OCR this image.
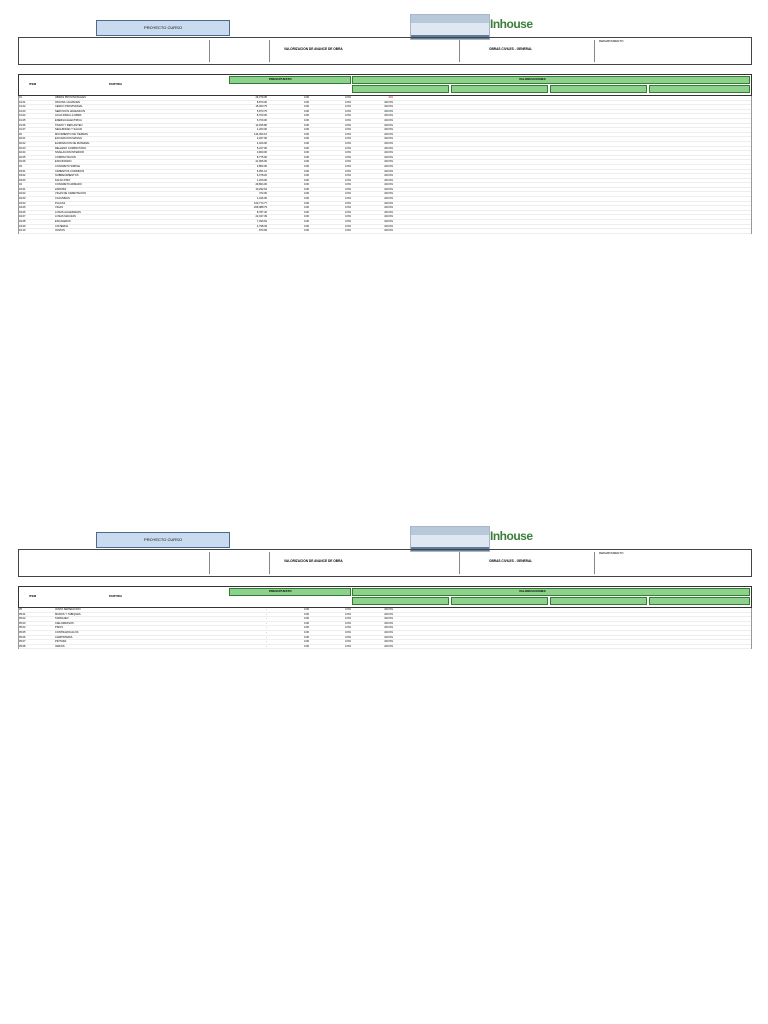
PROYECTO CURSO	Inhouse
VALORIZACION DE AVANCE DE OBRA	OBRAS CIVILES - GENERAL
DEPARTAMENTO
ITEM	PARTIDA
PRESUPUESTO	VALORIZACIONES
01	OBRAS PROVISIONALES	26,379.05	0.00	0.0%	-984
01.01	OFICINA / ALMACEN	8,870.00	0.00	0.0%	100.0%
01.02	CERCO PROVISIONAL	15,063.75	0.00	0.0%	100.0%
01.03	SERVICIOS HIGIENICOS	5,873.75	0.00	0.0%	100.0%
01.04	AGUA PARA LA OBRA	8,700.00	0.00	0.0%	100.0%
01.05	ENERGIA ELECTRICA	6,700.00	0.00	0.0%	100.0%
01.06	TRAZO Y REPLANTEO	12,456.80	0.00	0.0%	100.0%
01.07	SEGURIDAD Y SALUD	1,200.00	0.00	0.0%	100.0%
02	MOVIMIENTO DE TIERRAS	144,004.16	0.00	0.0%	100.0%
02.01	EXCAVACION MASIVA	3,267.00	0.00	0.0%	100.0%
02.02	ELIMINACION DE MATERIAL	4,400.00	0.00	0.0%	100.0%
02.03	RELLENO COMPACTADO	5,227.00	0.00	0.0%	100.0%
02.04	NIVELACION INTERIOR	3,900.00	0.00	0.0%	100.0%
02.05	COMPACTACION	8,775.00	0.00	0.0%	100.0%
02.06	ENCOFRADO	21,906.00	0.00	0.0%	100.0%
03	CONCRETO SIMPLE	3,852.00	0.00	0.0%	100.0%
03.01	CIMIENTOS CORRIDOS	6,951.12	0.00	0.0%	100.0%
03.02	SOBRECIMIENTOS	6,378.20	0.00	0.0%	100.0%
03.03	FALSO PISO	1,200.00	0.00	0.0%	100.0%
04	CONCRETO ARMADO	29,864.00	0.00	0.0%	100.0%
04.01	ZAPATAS	10,292.64	0.00	0.0%	100.0%
04.02	VIGAS DE CIMENTACION	372.00	0.00	0.0%	100.0%
04.03	COLUMNAS	1,326.00	0.00	0.0%	100.0%
04.04	PLACAS	100,774.77	0.00	0.0%	100.0%
04.05	VIGAS	269,988.79	0.00	0.0%	100.0%
04.06	LOSAS ALIGERADAS	8,787.32	0.00	0.0%	100.0%
04.07	LOSAS MACIZAS	22,047.39	0.00	0.0%	100.0%
04.08	ESCALERAS	7,490.62	0.00	0.0%	100.0%
04.09	CISTERNA	4,798.39	0.00	0.0%	100.0%
04.10	JUNTAS	873.69	0.00	0.0%	100.0%
PROYECTO CURSO	Inhouse
VALORIZACION DE AVANCE DE OBRA	OBRAS CIVILES - GENERAL
DEPARTAMENTO
ITEM	PARTIDA
PRESUPUESTO	VALORIZACIONES
05	JUNTA SEPARACION	-	0.00	0.0%	100.0%
05.01	MUROS Y TABIQUES	-	0.00	0.0%	100.0%
05.02	TARRAJEO	-	0.00	0.0%	100.0%
05.03	CIELORRASOS	-	0.00	0.0%	100.0%
05.04	PISOS	-	0.00	0.0%	100.0%
05.05	CONTRAZOCALOS	-	0.00	0.0%	100.0%
05.06	CARPINTERIA	-	0.00	0.0%	100.0%
05.07	PINTURA	-	0.00	0.0%	100.0%
05.08	VARIOS	-	0.00	0.0%	100.0%
